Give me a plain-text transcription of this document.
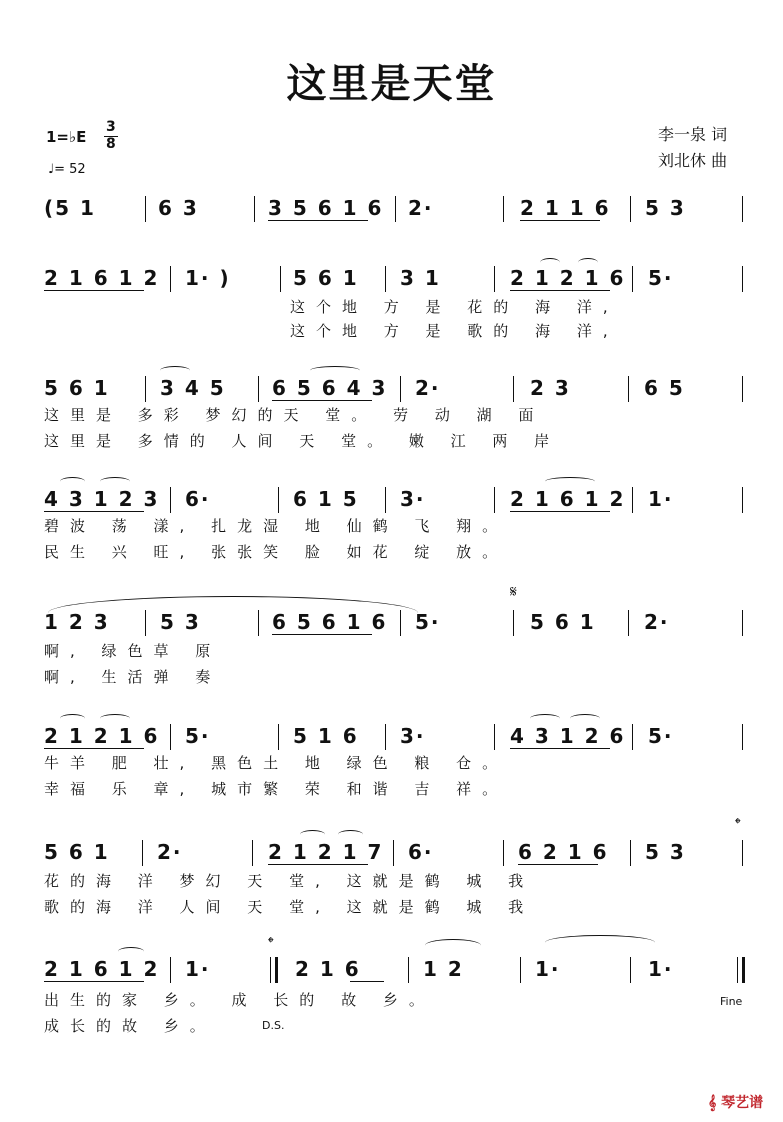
这里是天堂
1=♭E
3
8
♩= 52
李一泉 词
刘北休 曲
(5 1	6 3	3 5 6 1 6 2·	2 1 1 6 5 3
2 1 6 1 2 1· )	5 6 1 3 1	2 1 2 1 6 5·
这个地 方 是 花的 海 洋,
这个地 方 是 歌的 海 洋,
5 6 1	3 4 5 6 5 6 4 3 2·	2 3	6 5
这里是 多彩 梦幻的天 堂。 劳 动 湖 面
这里是 多情的 人间 天 堂。 嫩 江 两 岸
4 3 1 2 3 6·	6 1 5 3·	2 1 6 1 2 1·
碧波 荡 漾, 扎龙湿 地 仙鹤 飞 翔。
民生 兴 旺, 张张笑 脸 如花 绽 放。
𝄋
1 2 3	5 3	6 5 6 1 6 5·	5 6 1 2·
啊, 绿色草 原
啊, 生活弹 奏
2 1 2 1 6 5·	5 1 6 3·	4 3 1 2 6 5·
牛羊 肥 壮, 黑色土 地 绿色 粮 仓。
幸福 乐 章, 城市繁 荣 和谐 吉 祥。
𝄌
5 6 1 2·	2 1 2 1 7 6·	6 2 1 6 5 3
花的海 洋 梦幻 天 堂, 这就是鹤 城 我
歌的海 洋 人间 天 堂, 这就是鹤 城 我
𝄌
2 1 6 1 2 1·	2 1 6	1 2	1·	1·
出生的家 乡。 成 长的 故 乡。
成长的故 乡。
Fine
D.S.
𝄞 琴艺谱
